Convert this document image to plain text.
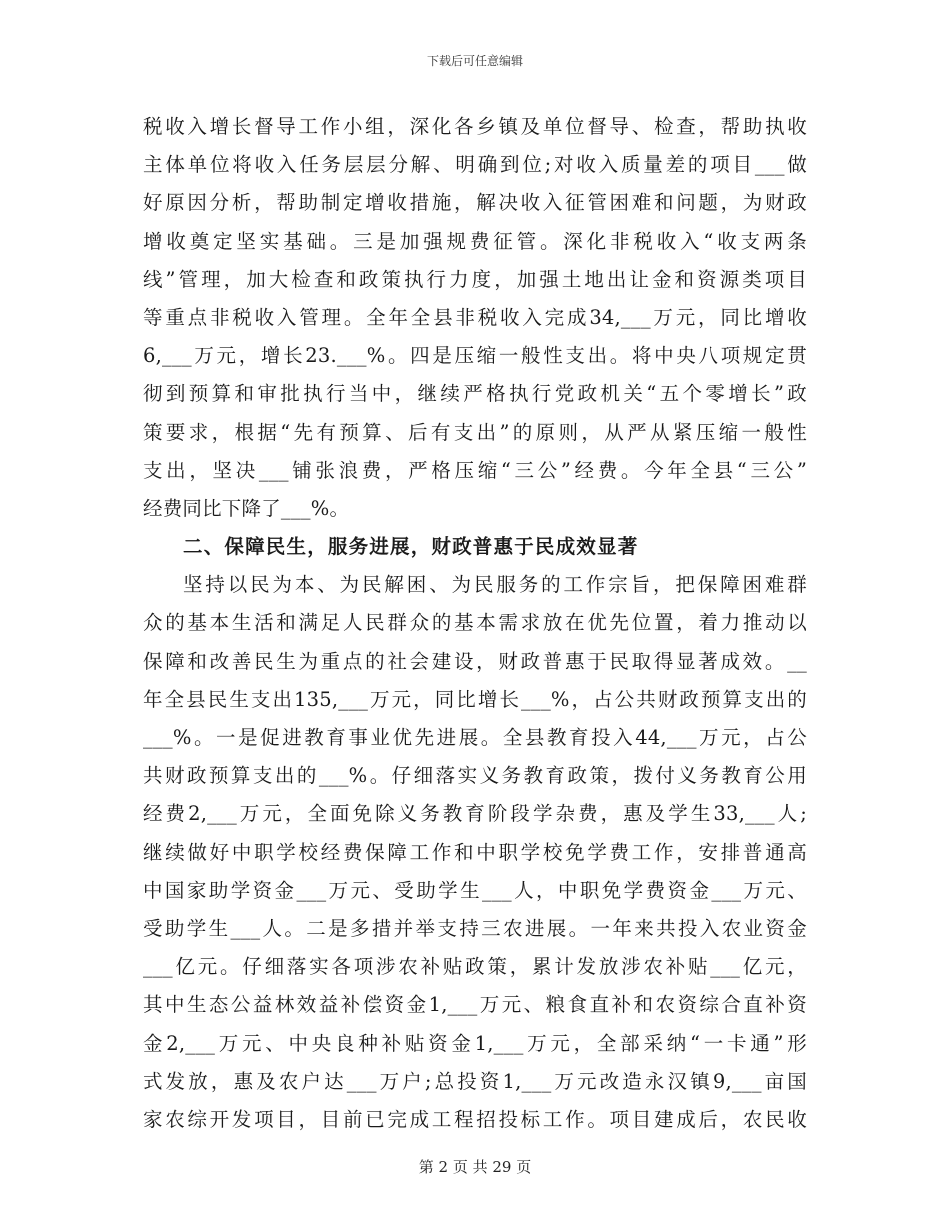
下载后可任意编辑
税收入增长督导工作小组，深化各乡镇及单位督导、检查，帮助执收
主体单位将收入任务层层分解、明确到位;对收入质量差的项目___做
好原因分析，帮助制定增收措施，解决收入征管困难和问题，为财政
增收奠定坚实基础。三是加强规费征管。深化非税收入“收支两条
线”管理，加大检查和政策执行力度，加强土地出让金和资源类项目
等重点非税收入管理。全年全县非税收入完成34,___万元，同比增收
6,___万元，增长23.___%。四是压缩一般性支出。将中央八项规定贯
彻到预算和审批执行当中，继续严格执行党政机关“五个零增长”政
策要求，根据“先有预算、后有支出”的原则，从严从紧压缩一般性
支出，坚决___铺张浪费，严格压缩“三公”经费。今年全县“三公”
经费同比下降了___%。
二、保障民生，服务进展，财政普惠于民成效显著
坚持以民为本、为民解困、为民服务的工作宗旨，把保障困难群
众的基本生活和满足人民群众的基本需求放在优先位置，着力推动以
保障和改善民生为重点的社会建设，财政普惠于民取得显著成效。__
年全县民生支出135,___万元，同比增长___%，占公共财政预算支出的
___%。一是促进教育事业优先进展。全县教育投入44,___万元，占公
共财政预算支出的___%。仔细落实义务教育政策，拨付义务教育公用
经费2,___万元，全面免除义务教育阶段学杂费，惠及学生33,___人;
继续做好中职学校经费保障工作和中职学校免学费工作，安排普通高
中国家助学资金___万元、受助学生___人，中职免学费资金___万元、
受助学生___人。二是多措并举支持三农进展。一年来共投入农业资金
___亿元。仔细落实各项涉农补贴政策，累计发放涉农补贴___亿元，
其中生态公益林效益补偿资金1,___万元、粮食直补和农资综合直补资
金2,___万元、中央良种补贴资金1,___万元，全部采纳“一卡通”形
式发放，惠及农户达___万户;总投资1,___万元改造永汉镇9,___亩国
家农综开发项目，目前已完成工程招投标工作。项目建成后，农民收
第 2 页 共 29 页
